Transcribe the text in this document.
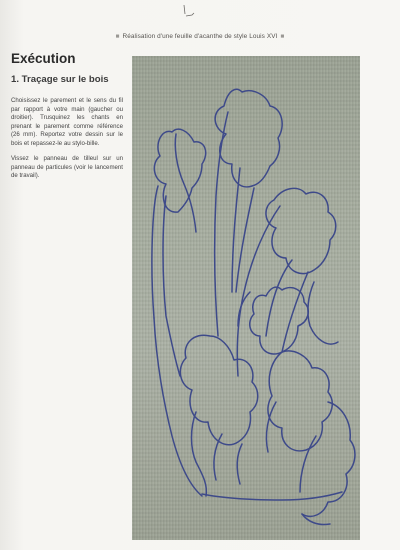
■ Réalisation d'une feuille d'acanthe de style Louis XVI ■
Exécution
1. Traçage sur le bois

Choisissez le parement et le sens du fil par rapport à votre main (gaucher ou droitier). Trusquinez les chants en prenant le parement comme référence (26 mm). Reportez votre dessin sur le bois et repassez-le au stylo-bille.

Vissez le panneau de tilleul sur un panneau de particules (voir le lancement de travail).
